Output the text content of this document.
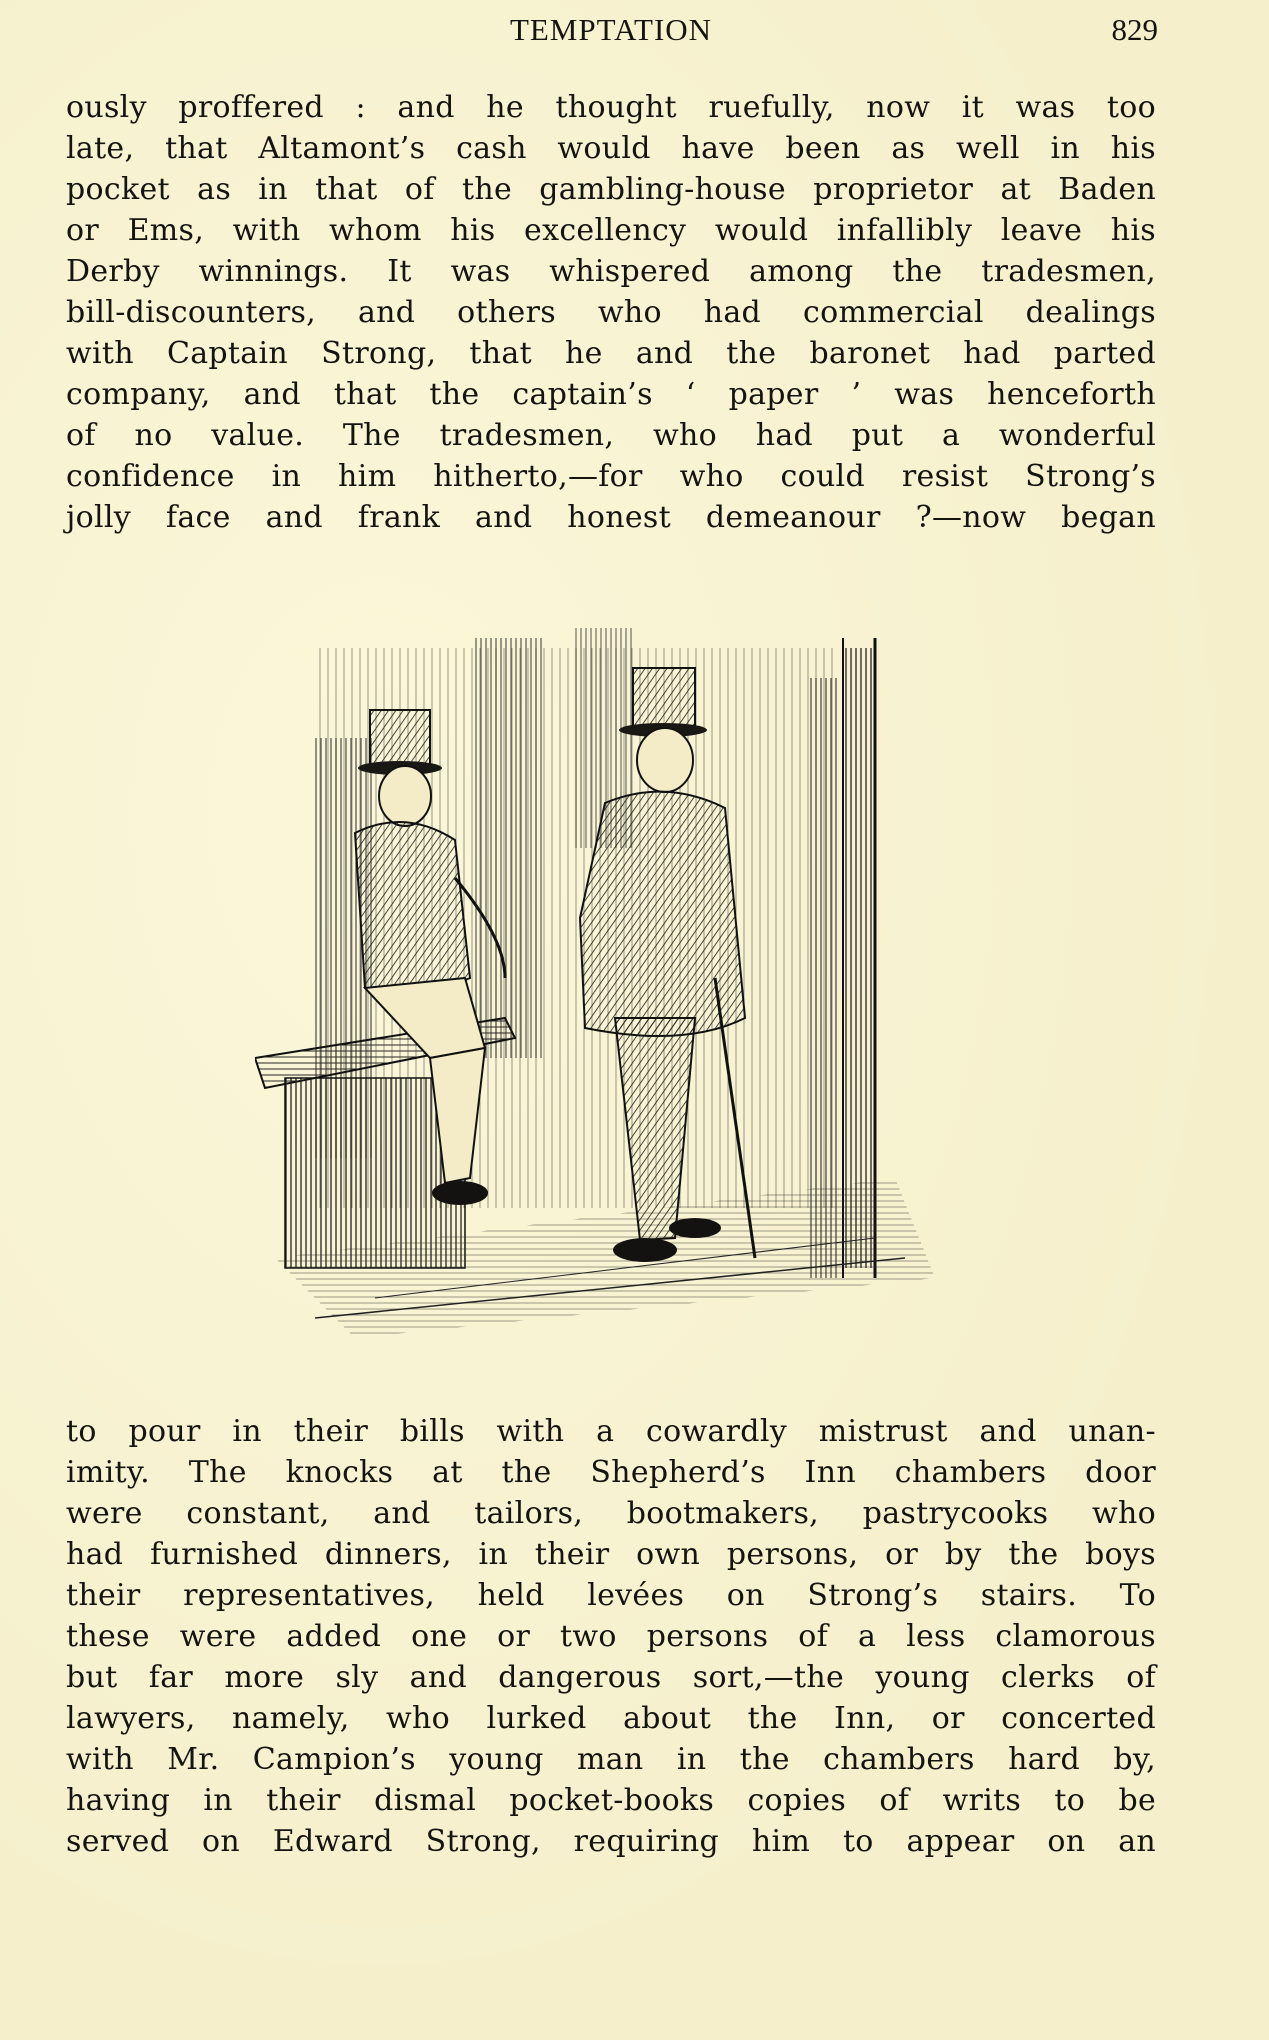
TEMPTATION	829
ously proffered : and he thought ruefully, now it was too
late, that Altamont’s cash would have been as well in his
pocket as in that of the gambling-house proprietor at Baden
or Ems, with whom his excellency would infallibly leave his
Derby winnings. It was whispered among the tradesmen,
bill-discounters, and others who had commercial dealings
with Captain Strong, that he and the baronet had parted
company, and that the captain’s ‘ paper ’ was henceforth
of no value. The tradesmen, who had put a wonderful
confidence in him hitherto,—for who could resist Strong’s
jolly face and frank and honest demeanour ?—now began
to pour in their bills with a cowardly mistrust and unan-
imity. The knocks at the Shepherd’s Inn chambers door
were constant, and tailors, bootmakers, pastrycooks who
had furnished dinners, in their own persons, or by the boys
their representatives, held levées on Strong’s stairs. To
these were added one or two persons of a less clamorous
but far more sly and dangerous sort,—the young clerks of
lawyers, namely, who lurked about the Inn, or concerted
with Mr. Campion’s young man in the chambers hard by,
having in their dismal pocket-books copies of writs to be
served on Edward Strong, requiring him to appear on an
